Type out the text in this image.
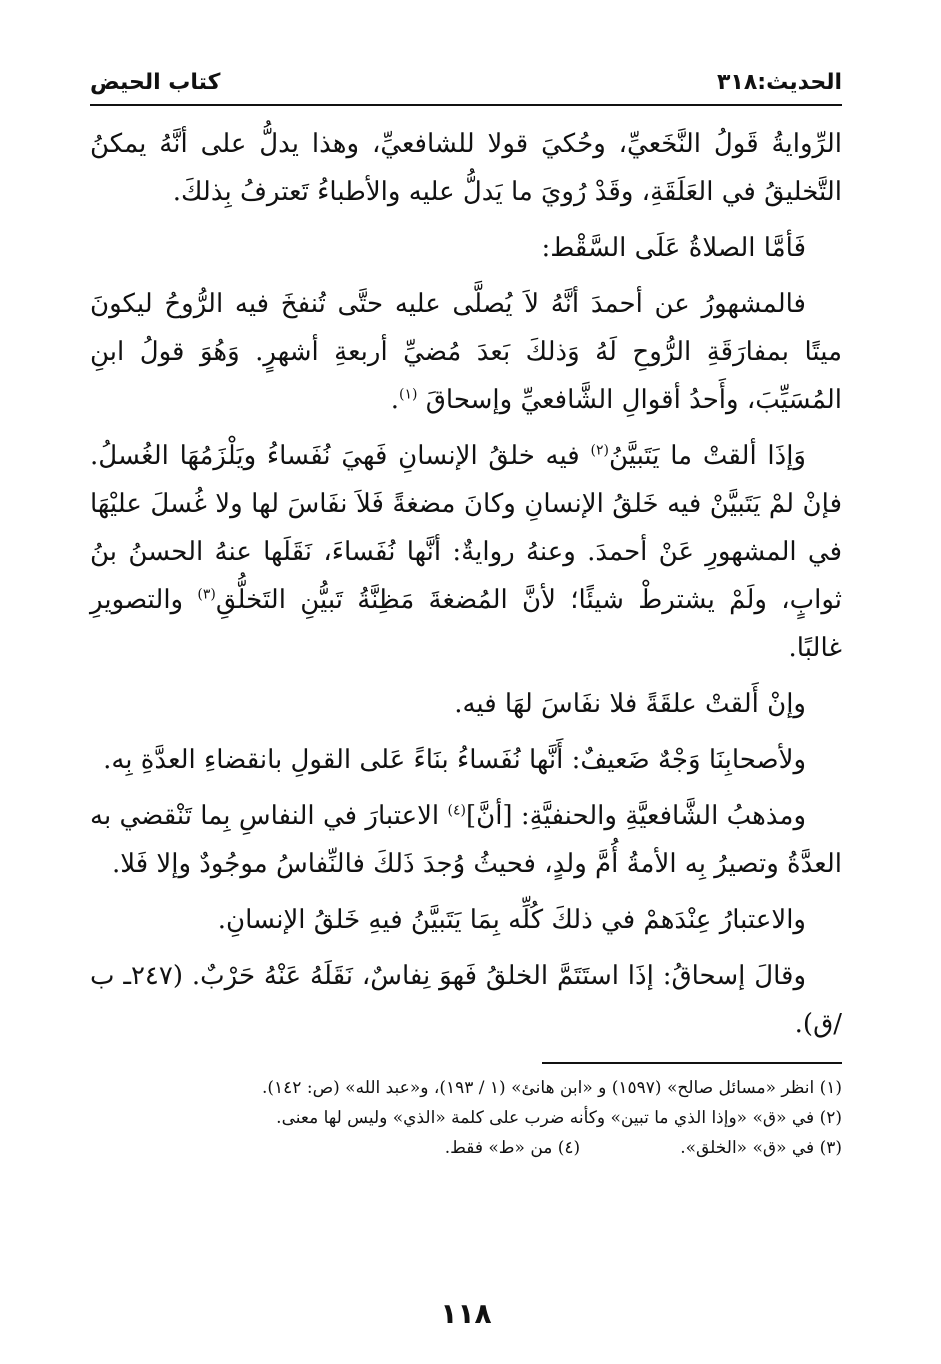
الحديث:٣١٨
كتاب الحيض

الرِّوايةُ قَولُ النَّخَعيِّ، وحُكيَ قولا للشافعيِّ، وهذا يدلُّ على أنَّهُ يمكنُ التَّخليقُ في العَلَقَةِ، وقَدْ رُويَ ما يَدلُّ عليه والأطباءُ تَعترفُ بِذلكَ.

فَأمَّا الصلاةُ عَلَى السَّقْط:

فالمشهورُ عن أحمدَ أنَّهُ لاَ يُصلَّى عليه حتَّى تُنفخَ فيه الرُّوحُ ليكونَ ميتًا بمفارَقَةِ الرُّوحِ لَهُ وَذلكَ بَعدَ مُضيِّ أربعةِ أشهرٍ. وَهُوَ قولُ ابنِ المُسَيِّبَ، وأَحدُ أقوالِ الشَّافعيِّ وإسحاقَ $^{(١)}$.

وَإذَا ألقتْ ما يَتَبيَّنُ$^{(٢)}$ فيه خلقُ الإنسانِ فَهيَ نُفَساءُ ويَلْزَمُهَا الغُسلُ. فإنْ لمْ يَتَبيَّنْ فيه خَلقُ الإنسانِ وكانَ مضغةً فَلاَ نفَاسَ لها ولا غُسلَ عليْهَا في المشهورِ عَنْ أحمدَ. وعنهُ روايةٌ: أنَّها نُفَساءَ، نَقَلَها عنهُ الحسنُ بنُ ثوابٍ، ولَمْ يشترطْ شيئًا؛ لأنَّ المُضغةَ مَظِنَّةُ تَبيُّنِ التَخلُّقِ$^{(٣)}$ والتصويرِ غالبًا.

وإنْ أَلقتْ علقَةً فلا نفَاسَ لهَا فيه.

ولأصحابِنَا وَجْهٌ ضَعيفٌ: أَنَّها نُفَساءُ بنَاءً عَلى القولِ بانقضاءِ العدَّةِ بِه.

ومذهبُ الشَّافعيَّةِ والحنفيَّةِ: [أنَّ]$^{(٤)}$ الاعتبارَ في النفاسِ بِما تَنْقضي به العدَّةُ وتصيرُ بِه الأمةُ أُمَّ ولدٍ، فحيثُ وُجدَ ذَلكَ فالنِّفاسُ موجُودٌ وإلا فَلا.

والاعتبارُ عِنْدَهمْ في ذلكَ كُلِّه بِمَا يَتَبيَّنُ فيهِ خَلقُ الإنسانِ.

وقالَ إسحاقُ: إذَا استَتَمَّ الخلقُ فَهوَ نِفاسٌ، نَقَلَهُ عَنْهُ حَرْبٌ. (٢٤٧ـ ب /ق).

(١) انظر «مسائل صالح» (١٥٩٧) و «ابن هانئ» (١ / ١٩٣)، و«عبد الله» (ص: ١٤٢).
(٢) في «ق» «وإذا الذي ما تبين» وكأنه ضرب على كلمة «الذي» وليس لها معنى.
(٣) في «ق» «الخلق».
(٤) من «ط» فقط.
١١٨
